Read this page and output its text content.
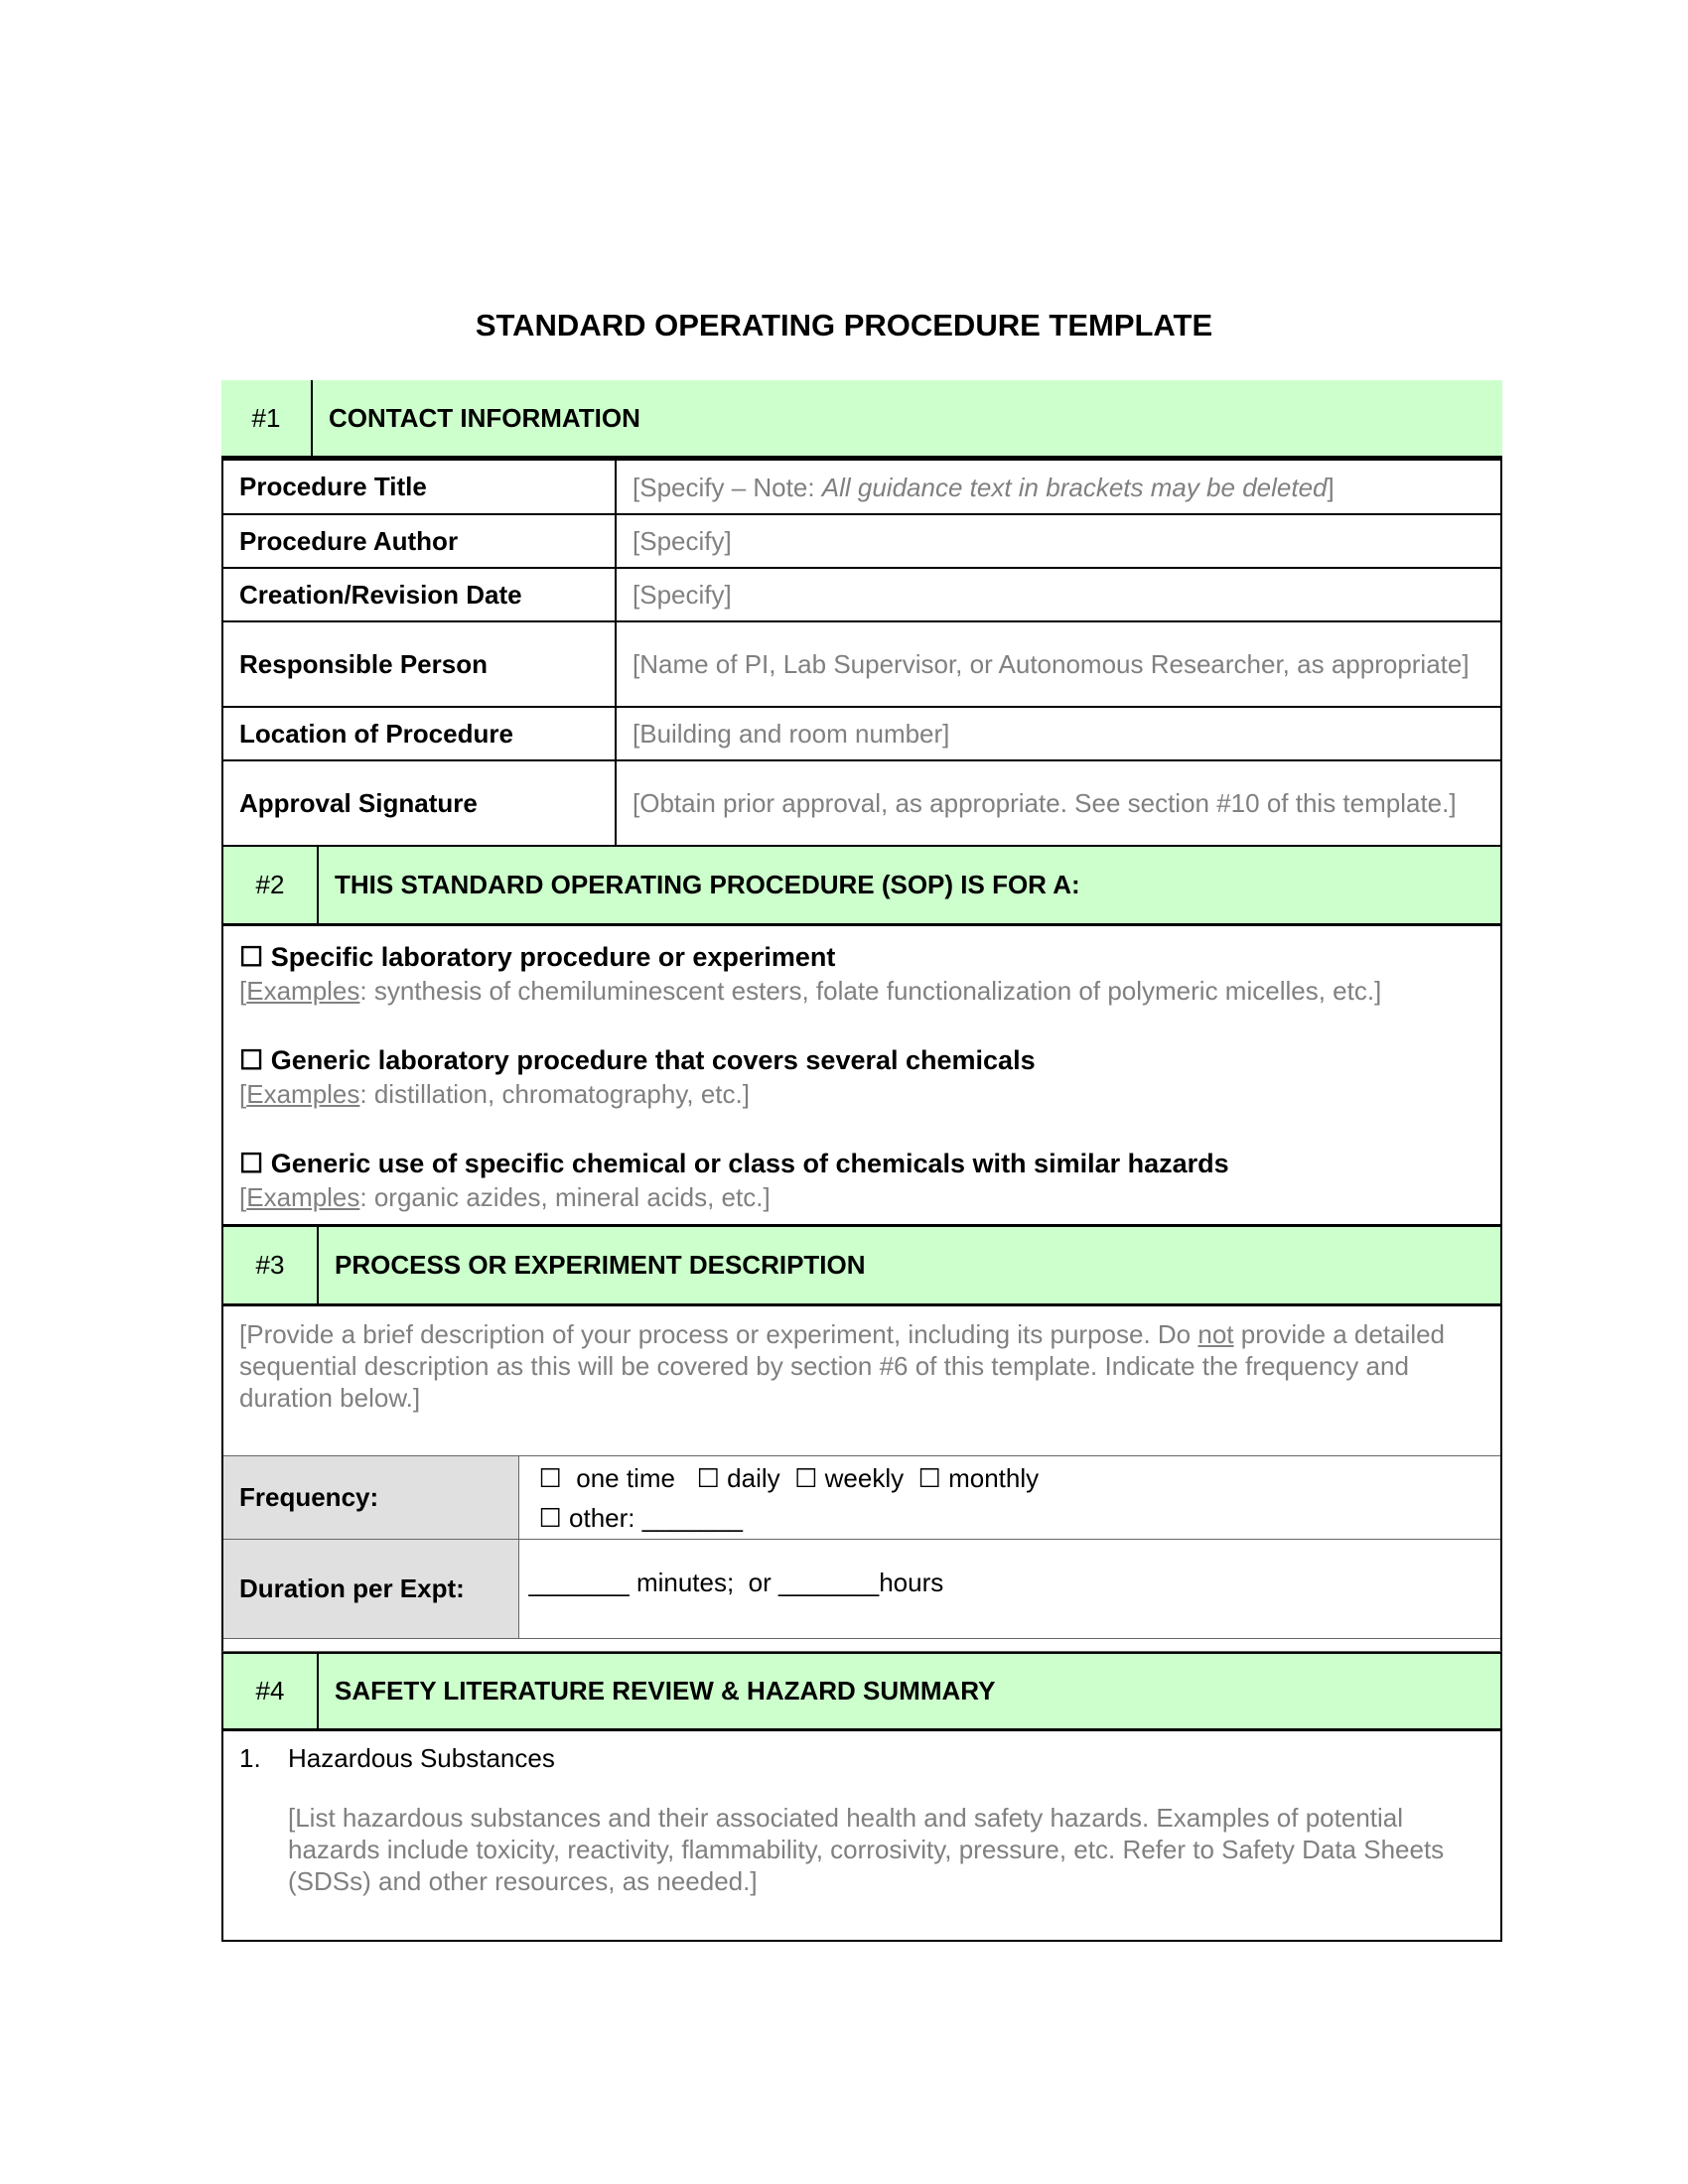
STANDARD OPERATING PROCEDURE TEMPLATE
#1	CONTACT INFORMATION
Procedure Title	[Specify – Note: All guidance text in brackets may be deleted]
Procedure Author	[Specify]
Creation/Revision Date	[Specify]
Responsible Person	[Name of PI, Lab Supervisor, or Autonomous Researcher, as appropriate]
Location of Procedure	[Building and room number]
Approval Signature	[Obtain prior approval, as appropriate. See section #10 of this template.]
#2	THIS STANDARD OPERATING PROCEDURE (SOP) IS FOR A:
☐ Specific laboratory procedure or experiment
[Examples: synthesis of chemiluminescent esters, folate functionalization of polymeric micelles, etc.]
☐ Generic laboratory procedure that covers several chemicals
[Examples: distillation, chromatography, etc.]
☐ Generic use of specific chemical or class of chemicals with similar hazards
[Examples: organic azides, mineral acids, etc.]
#3	PROCESS OR EXPERIMENT DESCRIPTION
[Provide a brief description of your process or experiment, including its purpose. Do not provide a detailed sequential description as this will be covered by section #6 of this template. Indicate the frequency and duration below.]
Frequency:	☐  one time   ☐ daily  ☐ weekly  ☐ monthly
☐ other: _______

Duration per Expt:	_______ minutes;  or _______hours
#4	SAFETY LITERATURE REVIEW & HAZARD SUMMARY
1.	Hazardous Substances
[List hazardous substances and their associated health and safety hazards. Examples of potential hazards include toxicity, reactivity, flammability, corrosivity, pressure, etc. Refer to Safety Data Sheets (SDSs) and other resources, as needed.]
